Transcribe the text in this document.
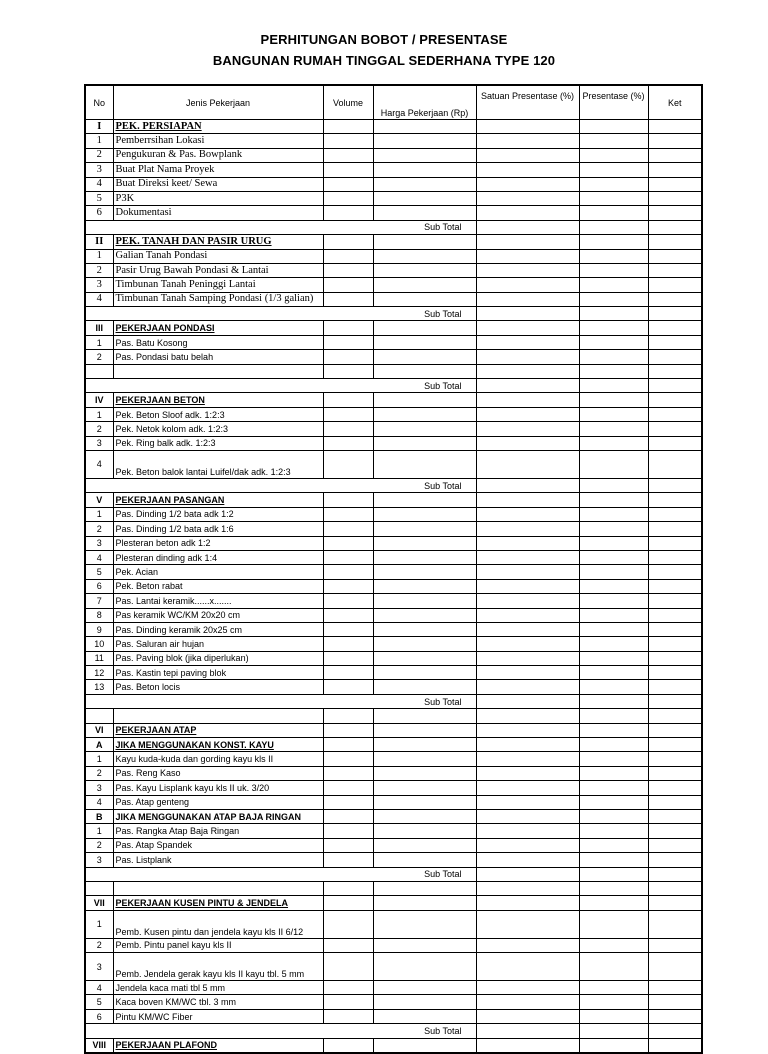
PERHITUNGAN BOBOT / PRESENTASE
BANGUNAN RUMAH TINGGAL SEDERHANA TYPE 120
No	Jenis Pekerjaan	Volume	Harga Pekerjaan (Rp)	Satuan Presentase (%)	Presentase (%)	Ket
I	PEK. PERSIAPAN					
1	Pemberrsihan Lokasi					
2	Pengukuran & Pas. Bowplank					
3	Buat Plat Nama Proyek					
4	Buat Direksi keet/ Sewa					
5	P3K					
6	Dokumentasi					
Sub Total						
II	PEK. TANAH DAN PASIR URUG					
1	Galian Tanah Pondasi					
2	Pasir Urug Bawah Pondasi & Lantai					
3	Timbunan Tanah Peninggi Lantai					
4	Timbunan Tanah Samping Pondasi (1/3 galian)					
Sub Total						
III	PEKERJAAN PONDASI					
1	Pas. Batu Kosong					
2	Pas. Pondasi batu belah					

Sub Total						
IV	PEKERJAAN BETON					
1	Pek. Beton Sloof adk. 1:2:3					
2	Pek. Netok kolom adk. 1:2:3					
3	Pek. Ring balk adk. 1:2:3					
4	Pek. Beton balok lantai Luifel/dak adk. 1:2:3					
Sub Total						
V	PEKERJAAN PASANGAN					
1	Pas. Dinding 1/2 bata adk 1:2					
2	Pas. Dinding 1/2 bata adk 1:6					
3	Plesteran beton adk 1:2					
4	Plesteran dinding adk 1:4					
5	Pek. Acian					
6	Pek. Beton rabat					
7	Pas. Lantai keramik......x.......					
8	Pas keramik WC/KM 20x20 cm					
9	Pas. Dinding keramik 20x25 cm					
10	Pas. Saluran air hujan					
11	Pas. Paving blok (jika diperlukan)					
12	Pas. Kastin tepi paving blok					
13	Pas. Beton locis					
Sub Total						

VI	PEKERJAAN ATAP					
A	JIKA MENGGUNAKAN KONST. KAYU					
1	Kayu kuda-kuda dan gording kayu kls II					
2	Pas. Reng Kaso					
3	Pas. Kayu Lisplank kayu kls II uk. 3/20					
4	Pas. Atap genteng					
B	JIKA MENGGUNAKAN ATAP BAJA RINGAN					
1	Pas. Rangka Atap Baja Ringan					
2	Pas. Atap Spandek					
3	Pas. Listplank					
Sub Total						

VII	PEKERJAAN KUSEN PINTU & JENDELA					
1	Pemb. Kusen pintu dan jendela kayu kls II 6/12					
2	Pemb. Pintu panel kayu kls II					
3	Pemb. Jendela gerak kayu kls II kayu tbl. 5 mm					
4	Jendela kaca mati tbl 5 mm					
5	Kaca boven KM/WC tbl. 3 mm					
6	Pintu KM/WC Fiber					
Sub Total						
VIII	PEKERJAAN PLAFOND					
